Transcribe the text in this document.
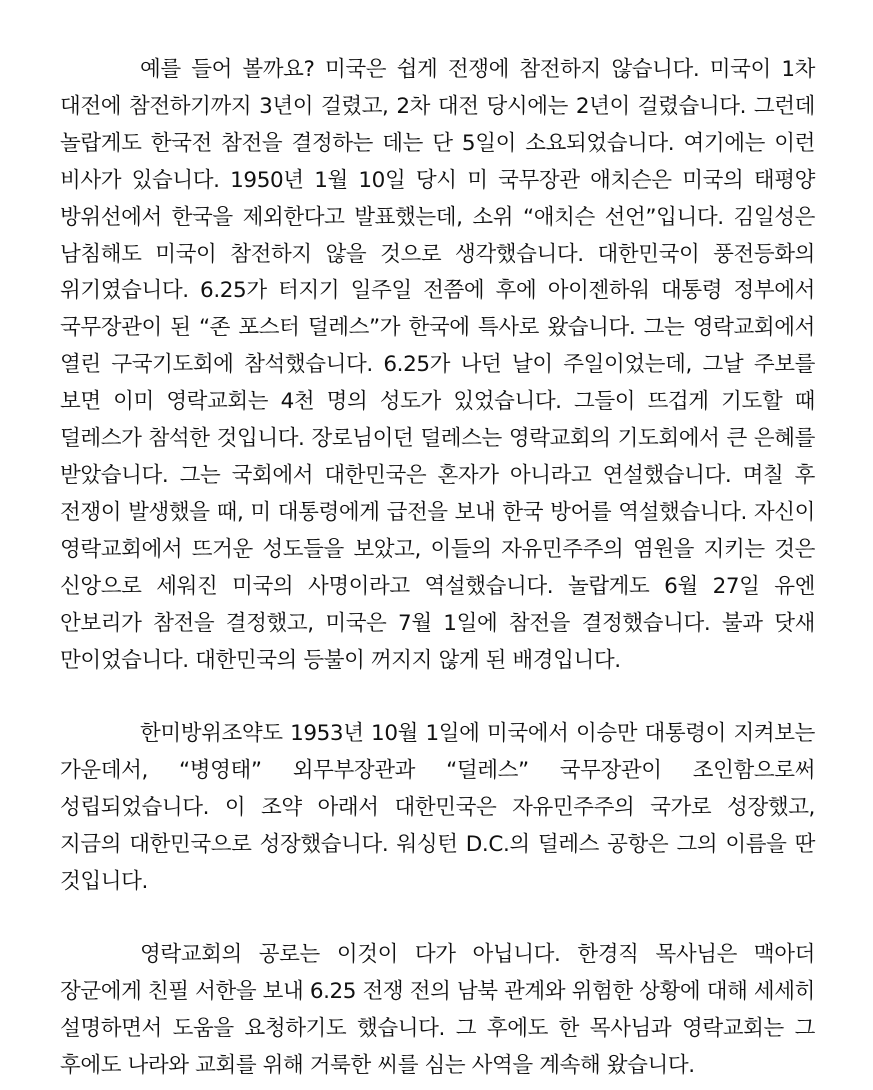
예를 들어 볼까요? 미국은 쉽게 전쟁에 참전하지 않습니다. 미국이 1차 대전에 참전하기까지 3년이 걸렸고, 2차 대전 당시에는 2년이 걸렸습니다. 그런데 놀랍게도 한국전 참전을 결정하는 데는 단 5일이 소요되었습니다. 여기에는 이런 비사가 있습니다. 1950년 1월 10일 당시 미 국무장관 애치슨은 미국의 태평양 방위선에서 한국을 제외한다고 발표했는데, 소위 “애치슨 선언”입니다. 김일성은 남침해도 미국이 참전하지 않을 것으로 생각했습니다. 대한민국이 풍전등화의 위기였습니다. 6.25가 터지기 일주일 전쯤에 후에 아이젠하워 대통령 정부에서 국무장관이 된 “존 포스터 덜레스”가 한국에 특사로 왔습니다. 그는 영락교회에서 열린 구국기도회에 참석했습니다. 6.25가 나던 날이 주일이었는데, 그날 주보를 보면 이미 영락교회는 4천 명의 성도가 있었습니다. 그들이 뜨겁게 기도할 때 덜레스가 참석한 것입니다. 장로님이던 덜레스는 영락교회의 기도회에서 큰 은혜를 받았습니다. 그는 국회에서 대한민국은 혼자가 아니라고 연설했습니다. 며칠 후 전쟁이 발생했을 때, 미 대통령에게 급전을 보내 한국 방어를 역설했습니다. 자신이 영락교회에서 뜨거운 성도들을 보았고, 이들의 자유민주주의 염원을 지키는 것은 신앙으로 세워진 미국의 사명이라고 역설했습니다. 놀랍게도 6월 27일 유엔 안보리가 참전을 결정했고, 미국은 7월 1일에 참전을 결정했습니다. 불과 닷새 만이었습니다. 대한민국의 등불이 꺼지지 않게 된 배경입니다.

한미방위조약도 1953년 10월 1일에 미국에서 이승만 대통령이 지켜보는 가운데서, “병영태” 외무부장관과 “덜레스” 국무장관이 조인함으로써 성립되었습니다. 이 조약 아래서 대한민국은 자유민주주의 국가로 성장했고, 지금의 대한민국으로 성장했습니다. 워싱턴 D.C.의 덜레스 공항은 그의 이름을 딴 것입니다.

영락교회의 공로는 이것이 다가 아닙니다. 한경직 목사님은 맥아더 장군에게 친필 서한을 보내 6.25 전쟁 전의 남북 관계와 위험한 상황에 대해 세세히 설명하면서 도움을 요청하기도 했습니다. 그 후에도 한 목사님과 영락교회는 그 후에도 나라와 교회를 위해 거룩한 씨를 심는 사역을 계속해 왔습니다.
